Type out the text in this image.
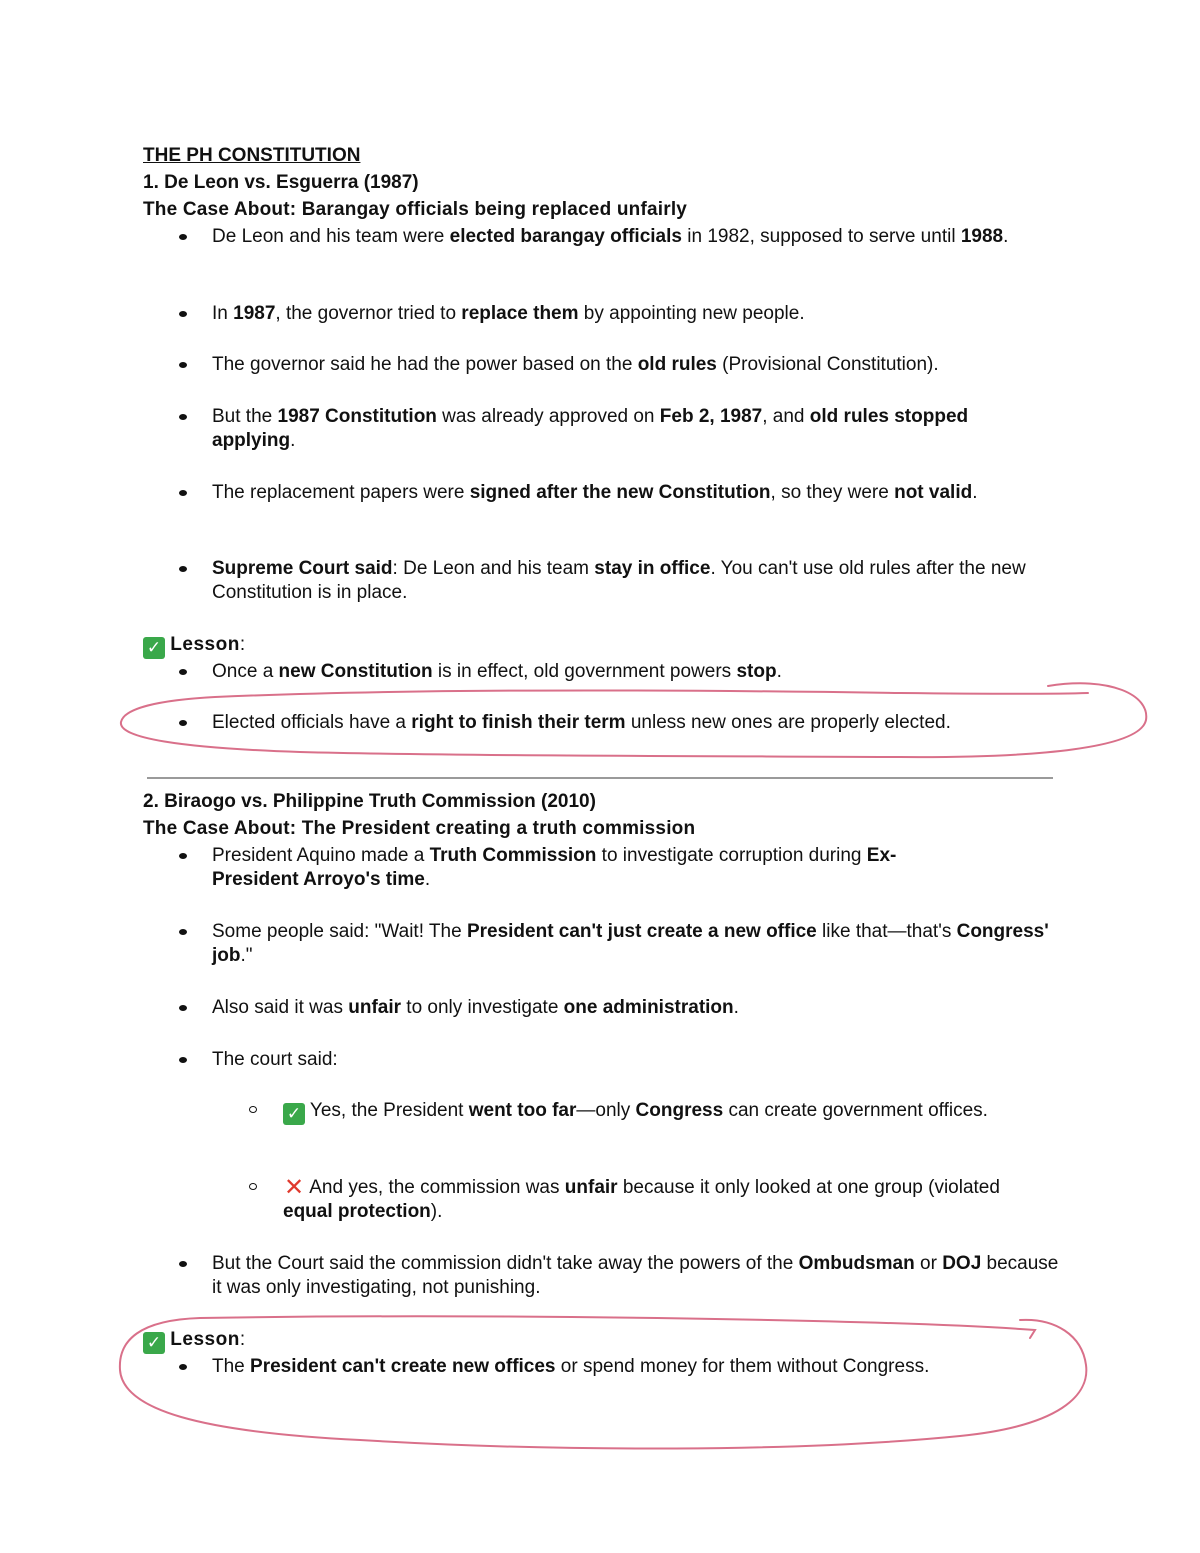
THE PH CONSTITUTION
1. De Leon vs. Esguerra (1987)
The Case About: Barangay officials being replaced unfairly
De Leon and his team were elected barangay officials in 1982, supposed to serve until 1988.
In 1987, the governor tried to replace them by appointing new people.
The governor said he had the power based on the old rules (Provisional Constitution).
But the 1987 Constitution was already approved on Feb 2, 1987, and old rules stopped applying.
The replacement papers were signed after the new Constitution, so they were not valid.
Supreme Court said: De Leon and his team stay in office. You can't use old rules after the new Constitution is in place.
✓ Lesson:
Once a new Constitution is in effect, old government powers stop.
Elected officials have a right to finish their term unless new ones are properly elected.
2. Biraogo vs. Philippine Truth Commission (2010)
The Case About: The President creating a truth commission
President Aquino made a Truth Commission to investigate corruption during Ex-President Arroyo's time.
Some people said: "Wait! The President can't just create a new office like that—that's Congress' job."
Also said it was unfair to only investigate one administration.
The court said:
✓ Yes, the President went too far—only Congress can create government offices.
✕ And yes, the commission was unfair because it only looked at one group (violated equal protection).
But the Court said the commission didn't take away the powers of the Ombudsman or DOJ because it was only investigating, not punishing.
✓ Lesson:
The President can't create new offices or spend money for them without Congress.
